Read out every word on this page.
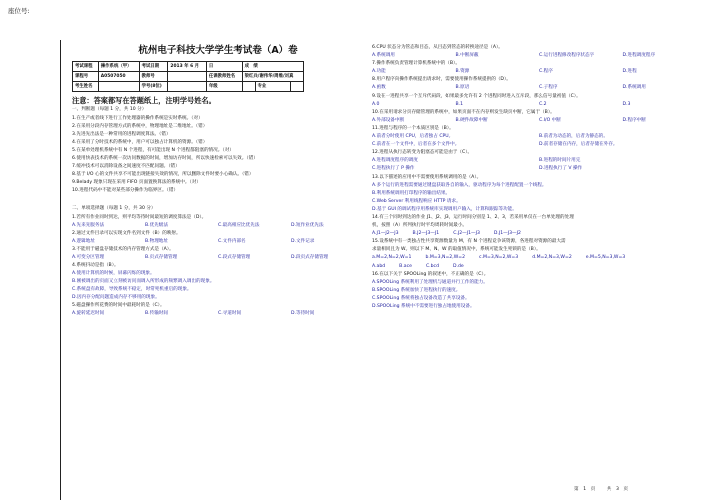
座位号:
杭州电子科技大学学生考试卷（A）卷
考试课程	操作系统（甲）	考试日期	2013 年 6 月	日	成　绩		
课程号	A0507050	教师号		任课教师姓名	梁红兵/谢伟华/周维/刘真		
考生姓名		学号(8位)		年级		专业	
注意：答案都写在答题纸上，注明学号姓名。
一、判断题（每题 1 分，共 10 分）
1.在生产或者线下进行工作处理器的操作系统是实时系统。（对）
2.在采用分段内存管理方式的系统中，物理地址是二维地址。（错）
3.先进先出法是一种常用的进程调度算法。（错）
4.在采用了分时技术的系统中，用户可以独占计算机的资源。（错）
5.在某单处理机系统中有 N 个进程，有可能出现 N 个进程都阻塞的情况。（对）
6.使用快表技术的系统一次访问数据的时间，增加访存时间，所以快速检索可以失效。（错）
7.缓冲技术可以消除设备之间速度不匹配问题。（错）
8.基于 I/O 心的文件共享不可能出现链接失效的情况，所以删除文件时要小心确认。（错）
9.Belady 现象只现在采用 FIFO 页面置换算法的系统中。（对）
10.进程代码中不能对某些部分操作为临界区。（错）

二、单项选择题（每题 1 分，共 30 分）
1.若所有作业同时到达，则平均等待时间最短的调度算法是（D）。
A.先来先服务法	B.优先级法	C.最高相应比优先法	D.短作业优先法
2.通过文件目录可以实现文件名到文件（B）的映射。
A.逻辑地址	B.物理地址	C.文件内部名	D.文件记录
3.不能用于磁盘存储技术的内存管理方式是（A）。
A.可变分区管理	B.页式存储管理	C.段式存储管理	D.段页式存储管理
4.系统抖动是指（B）。
A.使用计算机的时候，屏幕闪烁的现象。
B.刚被调出的页面又立刻被访问而调入所形成的频繁调入调出的现象。
C.系统盘有故障，导致系统不稳定，时常死机重启的现象。
D.因内存分配问题造成内存不够用的现象。
5.磁盘操作所花费的时间中最耗时的是（C）。
A.旋转延迟时间	B.传输时间	C.寻道时间	D.等待时间
6.CPU 状态分为管态和目态，从目态到管态的转换途径是（A）。
A.系统调用	B.中断屏蔽	C.运行进程修改程序状态字	D.进程调度程序
7.操作系统负责管理计算机系统中的（B）。
A.功能	B.资源	C.程序	D.进程
8.用户程序向操作系统提出请求时，需要使用操作系统提供的（D）。
A.函数	B.原语	C.子程序	D.系统调用
9.设在一进程共享一个互斥代码段，如果最多允许有 2 个进程同时进入互斥段，那么信号量初值（C）。
A.0	B.1	C.2	D.3
10.在采用请求分页存储管理的系统中，如果页面不在内存则发生缺页中断，它属于（B）。
A.外部设备中断	B.硬件故障中断	C.I/O 中断	D.程序中断
11.进程与程序的一个本质区别是（B）。
A.前者分时使用 CPU，后者独占 CPU。	B.前者为动态的，后者为静态的。
C.前者在一个文件中，后者在多个文件中。	D.前者存储在内存，后者存储在外存。
12.进程从执行态转变为阻塞态可能是由于（C）。
A.进程调度程序的调度	B.进程的时间片用完
C.进程执行了 P 操作	D.进程执行了 V 操作
13.以下描述的应用中不需要使用系统调用的是（A）。
A.多个运行的进程需要通过键盘获取各自的输入，驱动程序为每个进程配置一个线程。
B.利用系统调用打印程序的输出结果。
C.Web Server 利用线程响应 HTTP 请求。
D.基于 GUI 的调试程序用系统库实现调用户输入，计算和跟踪等功能。
14.有三个同时到达的作业 J1、J2、J3，运行时间分别是 1、2、3，若采用单仅在一台单处理的处理
机，按照（A）所列执行时平均周转时间最小。
A.J1—J2—J3	B.J2—J3—J1	C.J2—J1—J3	D.J1—J3—J2
15.设系统中有一类独占性共享资源数量为 M，有 N 个进程竞争该资源，各进程对资源的最大需
求量相同且为 W。则以下 M、N、W 的取值情况中，系统可能发生死锁的是（B）。
a.M=2,N=2,W=1	b.M=3,N=2,W=2	c.M=3,N=2,W=3	d.M=2,N=3,W=2	e.M=5,N=3,W=3
A.abd	B.ace	C.bcd	D.de
16.在以下关于 SPOOLing 的叙述中，不正确的是（C）。
A.SPOOLing 系统利用了处理机与通道并行工作的能力。
B.SPOOLing 系统加快了进程执行的速度。
C.SPOOLing 系统将独占设备改造了共享设备。
D.SPOOLing 系统中不需要进行独占地使用设备。
第　1　页 共　3　页
